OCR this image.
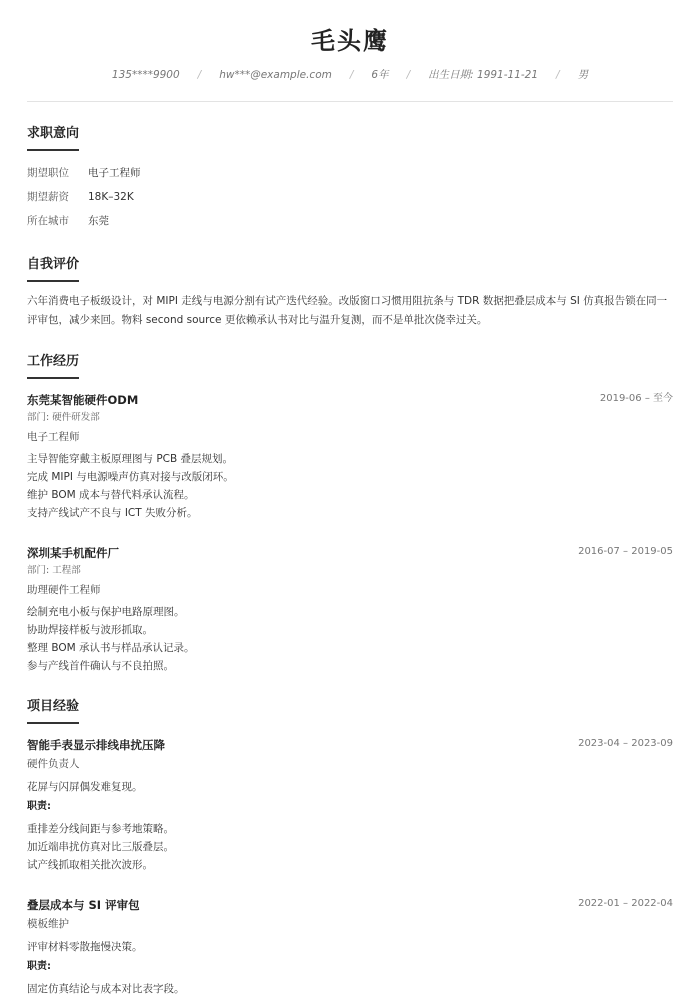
毛头鹰
135****9900 / hw***@example.com / 6年 / 出生日期: 1991-11-21 / 男
求职意向
期望职位 电子工程师
期望薪资 18K–32K
所在城市 东莞
自我评价
六年消费电子板级设计，对 MIPI 走线与电源分割有试产迭代经验。改版窗口习惯用阻抗条与 TDR 数据把叠层成本与 SI 仿真报告锁在同一评审包，减少来回。物料 second source 更依赖承认书对比与温升复测，而不是单批次侥幸过关。
工作经历
东莞某智能硬件ODM	2019-06 – 至今
部门: 硬件研发部
电子工程师
主导智能穿戴主板原理图与 PCB 叠层规划。
完成 MIPI 与电源噪声仿真对接与改版闭环。
维护 BOM 成本与替代料承认流程。
支持产线试产不良与 ICT 失败分析。
深圳某手机配件厂	2016-07 – 2019-05
部门: 工程部
助理硬件工程师
绘制充电小板与保护电路原理图。
协助焊接样板与波形抓取。
整理 BOM 承认书与样品承认记录。
参与产线首件确认与不良拍照。
项目经验
智能手表显示排线串扰压降	2023-04 – 2023-09
硬件负责人
花屏与闪屏偶发难复现。
职责:
重排差分线间距与参考地策略。
加近端串扰仿真对比三版叠层。
试产线抓取相关批次波形。
叠层成本与 SI 评审包	2022-01 – 2022-04
模板维护
评审材料零散拖慢决策。
职责:
固定仿真结论与成本对比表字段。
